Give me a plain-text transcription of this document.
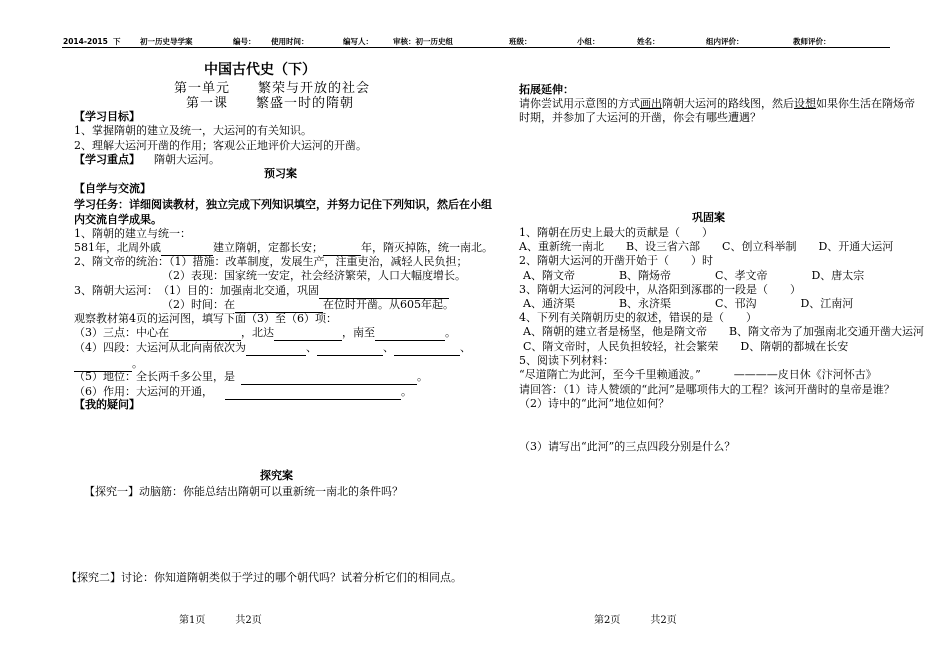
2014-2015 下	初一历史导学案	编号： 使用时间：	编写人：	审核：初一历史组	班级：	小组：	姓名：	组内评价：	教师评价：
中国古代史（下）
第一单元　　繁荣与开放的社会
第一课　　繁盛一时的隋朝
【学习目标】
1、掌握隋朝的建立及统一，大运河的有关知识。
2、理解大运河开凿的作用；客观公正地评价大运河的开凿。
【学习重点】 隋朝大运河。
预习案
【自学与交流】
学习任务：详细阅读教材，独立完成下列知识填空，并努力记住下列知识，然后在小组
内交流自学成果。
1、隋朝的建立与统一：
581年，北周外戚	建立隋朝，定都长安；	年，隋灭掉陈，统一南北。
2、隋文帝的统治：（1）措施：改革制度，发展生产，注重吏治，减轻人民负担；
（2）表现：国家统一安定，社会经济繁荣，人口大幅度增长。
3、隋朝大运河：　（1）目的：加强南北交通，巩固
（2）时间：在	在位时开凿。从605年起。
观察教材第4页的运河图，填写下面（3）至（6）项：
（3）三点：中心在	，北达	，南至	。
（4）四段：大运河从北向南依次为	、	、	、
。
（5）地位：全长两千多公里，是	。
（6）作用：大运河的开通，	。
【我的疑问】
探究案
【探究一】动脑筋：你能总结出隋朝可以重新统一南北的条件吗？
【探究二】讨论：你知道隋朝类似于学过的哪个朝代吗？试着分析它们的相同点。
第1页　　　共2页
拓展延伸：
请你尝试用示意图的方式画出隋朝大运河的路线图，然后设想如果你生活在隋炀帝
时期，并参加了大运河的开凿，你会有哪些遭遇？
巩固案
1、隋朝在历史上最大的贡献是（　　）
A、重新统一南北　　B、设三省六部　　C、创立科举制　　D、开通大运河
2、隋朝大运河的开凿开始于（　　）时
A、隋文帝　　　　B、隋炀帝　　　　C、孝文帝　　　　D、唐太宗
3、隋朝大运河的河段中，从洛阳到涿郡的一段是（　　）
A、通济渠　　　　B、永济渠　　　　C、邗沟　　　　D、江南河
4、下列有关隋朝历史的叙述，错误的是（　　）
A、隋朝的建立者是杨坚，他是隋文帝　　B、隋文帝为了加强南北交通开凿大运河
C、隋文帝时，人民负担较轻，社会繁荣　　D、隋朝的都城在长安
5、阅读下列材料：
“尽道隋亡为此河，至今千里赖通波。”　　　————皮日休《汴河怀古》
请回答：（1）诗人赞颂的“此河”是哪项伟大的工程？该河开凿时的皇帝是谁？
（2）诗中的“此河”地位如何？
（3）请写出“此河”的三点四段分别是什么？
第2页　　　共2页
